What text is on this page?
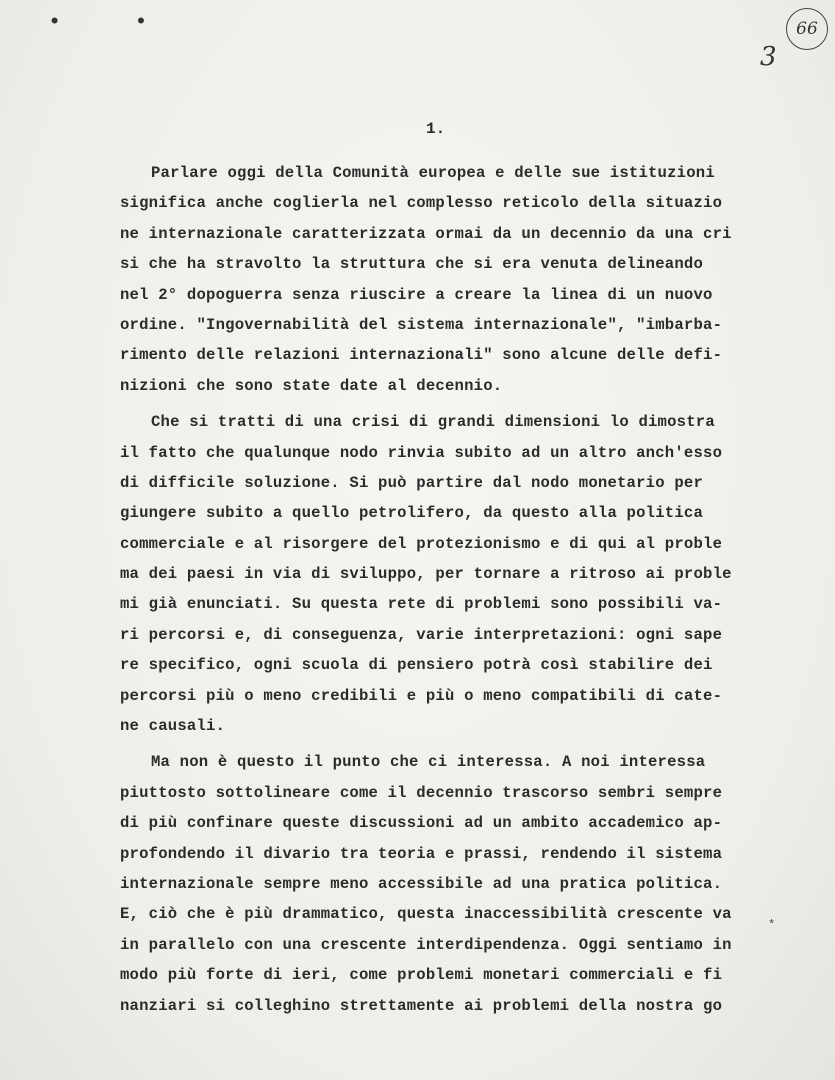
• •	66
3
1.
Parlare oggi della Comunità europea e delle sue istituzioni
significa anche coglierla nel complesso reticolo della situazio
ne internazionale caratterizzata ormai da un decennio da una cri
si che ha stravolto la struttura che si era venuta delineando
nel 2° dopoguerra senza riuscire a creare la linea di un nuovo
ordine. "Ingovernabilità del sistema internazionale", "imbarba-
rimento delle relazioni internazionali" sono alcune delle defi-
nizioni che sono state date al decennio.
Che si tratti di una crisi di grandi dimensioni lo dimostra
il fatto che qualunque nodo rinvia subito ad un altro anch'esso
di difficile soluzione. Si può partire dal nodo monetario per
giungere subito a quello petrolifero, da questo alla politica
commerciale e al risorgere del protezionismo e di qui al proble
ma dei paesi in via di sviluppo, per tornare a ritroso ai proble
mi già enunciati. Su questa rete di problemi sono possibili va-
ri percorsi e, di conseguenza, varie interpretazioni: ogni sape
re specifico, ogni scuola di pensiero potrà così stabilire dei
percorsi più o meno credibili e più o meno compatibili di cate-
ne causali.
Ma non è questo il punto che ci interessa. A noi interessa
piuttosto sottolineare come il decennio trascorso sembri sempre
di più confinare queste discussioni ad un ambito accademico ap-
profondendo il divario tra teoria e prassi, rendendo il sistema
internazionale sempre meno accessibile ad una pratica politica.
E, ciò che è più drammatico, questa inaccessibilità crescente va
in parallelo con una crescente interdipendenza. Oggi sentiamo in
modo più forte di ieri, come problemi monetari commerciali e fi
nanziari si colleghino strettamente ai problemi della nostra go
*
